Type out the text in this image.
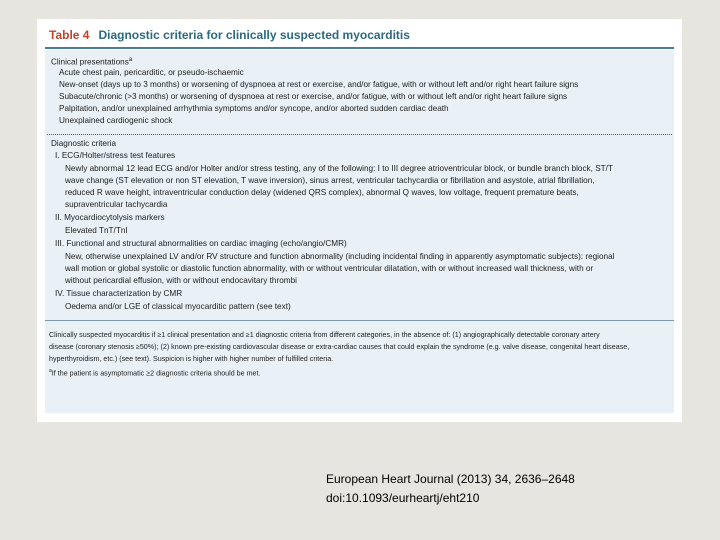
Table 4 Diagnostic criteria for clinically suspected myocarditis
Clinical presentations$^a$
Acute chest pain, pericarditic, or pseudo-ischaemic
New-onset (days up to 3 months) or worsening of dyspnoea at rest or exercise, and/or fatigue, with or without left and/or right heart failure signs
Subacute/chronic (>3 months) or worsening of dyspnoea at rest or exercise, and/or fatigue, with or without left and/or right heart failure signs
Palpitation, and/or unexplained arrhythmia symptoms and/or syncope, and/or aborted sudden cardiac death
Unexplained cardiogenic shock
Diagnostic criteria
I. ECG/Holter/stress test features
Newly abnormal 12 lead ECG and/or Holter and/or stress testing, any of the following: I to III degree atrioventricular block, or bundle branch block, ST/T
wave change (ST elevation or non ST elevation, T wave inversion), sinus arrest, ventricular tachycardia or fibrillation and asystole, atrial fibrillation,
reduced R wave height, intraventricular conduction delay (widened QRS complex), abnormal Q waves, low voltage, frequent premature beats,
supraventricular tachycardia
II. Myocardiocytolysis markers
Elevated TnT/TnI
III. Functional and structural abnormalities on cardiac imaging (echo/angio/CMR)
New, otherwise unexplained LV and/or RV structure and function abnormality (including incidental finding in apparently asymptomatic subjects): regional
wall motion or global systolic or diastolic function abnormality, with or without ventricular dilatation, with or without increased wall thickness, with or
without pericardial effusion, with or without endocavitary thrombi
IV. Tissue characterization by CMR
Oedema and/or LGE of classical myocarditic pattern (see text)
Clinically suspected myocarditis if ≥1 clinical presentation and ≥1 diagnostic criteria from different categories, in the absence of: (1) angiographically detectable coronary artery
disease (coronary stenosis ≥50%); (2) known pre-existing cardiovascular disease or extra-cardiac causes that could explain the syndrome (e.g. valve disease, congenital heart disease,
hyperthyroidism, etc.) (see text). Suspicion is higher with higher number of fulfilled criteria.
$^a$If the patient is asymptomatic ≥2 diagnostic criteria should be met.
European Heart Journal (2013) 34, 2636–2648
doi:10.1093/eurheartj/eht210
